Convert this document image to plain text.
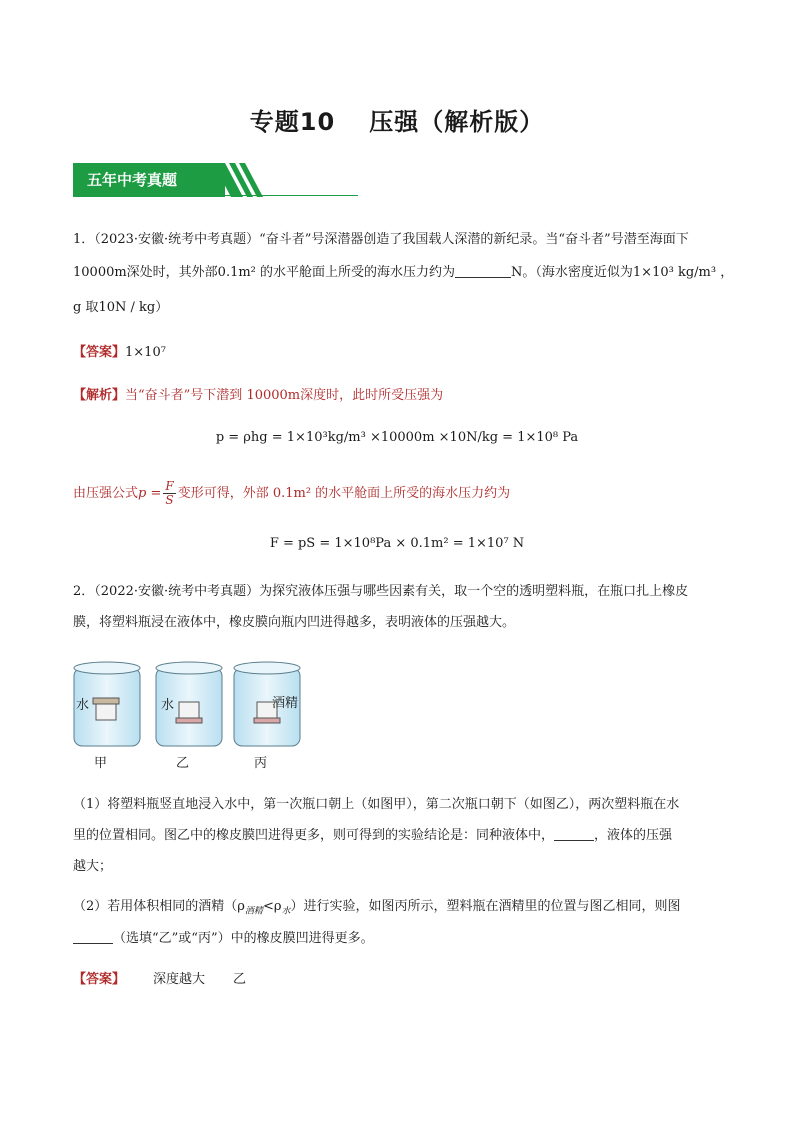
专题10 压强（解析版）
五年中考真题
1．（2023·安徽·统考中考真题）“奋斗者”号深潜器创造了我国载人深潜的新纪录。当“奋斗者”号潜至海面下
10000m深处时，其外部0.1m² 的水平舱面上所受的海水压力约为	N。（海水密度近似为1×10³ kg/m³ ，
g 取10N / kg）
【答案】1×10⁷
【解析】当“奋斗者”号下潜到 10000m深度时，此时所受压强为
p = ρhg = 1×10³kg/m³ ×10000m ×10N/kg = 1×10⁸ Pa
由压强公式$p = \frac{F}{S}$ 变形可得，外部 0.1m² 的水平舱面上所受的海水压力约为
F = pS = 1×10⁸Pa × 0.1m² = 1×10⁷ N
2．（2022·安徽·统考中考真题）为探究液体压强与哪些因素有关，取一个空的透明塑料瓶，在瓶口扎上橡皮
膜，将塑料瓶浸在液体中，橡皮膜向瓶内凹进得越多，表明液体的压强越大。
水	水	酒精
甲	乙	丙
（1）将塑料瓶竖直地浸入水中，第一次瓶口朝上（如图甲），第二次瓶口朝下（如图乙），两次塑料瓶在水
里的位置相同。图乙中的橡皮膜凹进得更多，则可得到的实验结论是：同种液体中，	，液体的压强
越大；
（2）若用体积相同的酒精$(\rho_{酒精}<\rho_水)$进行实验，如图丙所示，塑料瓶在酒精里的位置与图乙相同，则图
（选填“乙”或“丙”）中的橡皮膜凹进得更多。
【答案】 深度越大 乙
